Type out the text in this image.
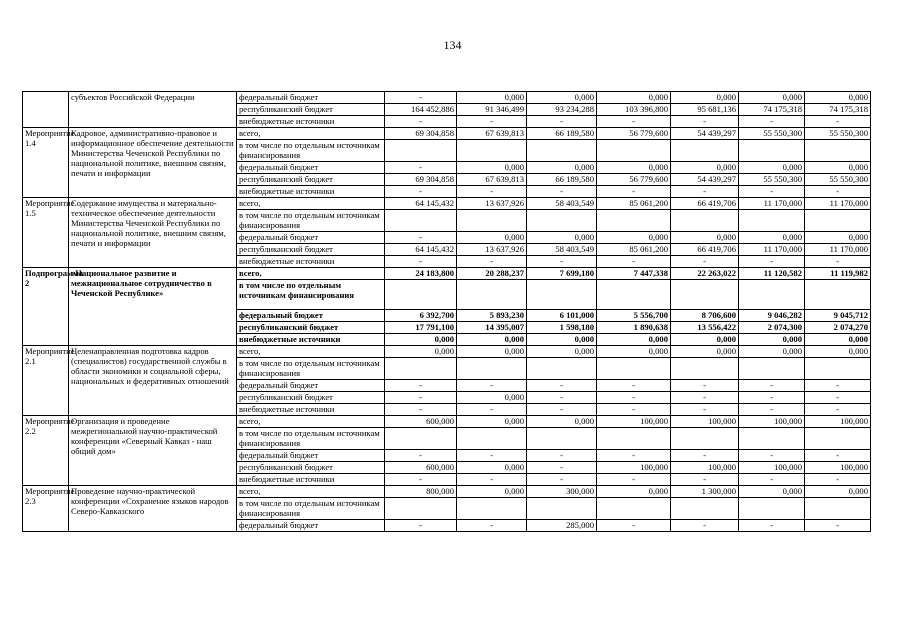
134
	субъектов Российской Федерации	федеральный бюджет	-	0,000	0,000	0,000	0,000	0,000	0,000
		республиканский бюджет	164 452,886	91 346,499	93 234,288	103 396,800	95 681,136	74 175,318	74 175,318
		внебюджетные источники	-	-	-	-	-	-	-
Мероприятие 1.4	Кадровое, административно-правовое и информационное обеспечение деятельности Министерства Чеченской Республики по национальной политике, внешним связям, печати и информации	всего,	69 304,858	67 639,813	66 189,580	56 779,600	54 439,297	55 550,300	55 550,300
		в том числе по отдельным источникам финансирования							
		федеральный бюджет	-	0,000	0,000	0,000	0,000	0,000	0,000
		республиканский бюджет	69 304,858	67 639,813	66 189,580	56 779,600	54 439,297	55 550,300	55 550,300
		внебюджетные источники	-	-	-	-	-	-	-
Мероприятие 1.5	Содержание имущества и материально-техническое обеспечение деятельности Министерства Чеченской Республики по национальной политике, внешним связям, печати и информации	всего,	64 145,432	13 637,926	58 403,549	85 061,200	66 419,706	11 170,000	11 170,000
		в том числе по отдельным источникам финансирования							
		федеральный бюджет	-	0,000	0,000	0,000	0,000	0,000	0,000
		республиканский бюджет	64 145,432	13 637,926	58 403,549	85 061,200	66 419,706	11 170,000	11 170,000
		внебюджетные источники	-	-	-	-	-	-	-
Подпрограмма 2	«Национальное развитие и межнациональное сотрудничество в Чеченской Республике»	всего,	24 183,800	20 288,237	7 699,180	7 447,338	22 263,022	11 120,582	11 119,982
		в том числе по отдельным источникам финансирования							
		федеральный бюджет	6 392,700	5 893,230	6 101,000	5 556,700	8 706,600	9 046,282	9 045,712
		республиканский бюджет	17 791,100	14 395,007	1 598,180	1 890,638	13 556,422	2 074,300	2 074,270
		внебюджетные источники	0,000	0,000	0,000	0,000	0,000	0,000	0,000
Мероприятие 2.1	Целенаправленная подготовка кадров (специалистов) государственной службы в области экономики и социальной сферы, национальных и федеративных отношений	всего,	0,000	0,000	0,000	0,000	0,000	0,000	0,000
		в том числе по отдельным источникам финансирования							
		федеральный бюджет	-	-	-	-	-	-	-
		республиканский бюджет	-	0,000	-	-	-	-	-
		внебюджетные источники	-	-	-	-	-	-	-
Мероприятие 2.2	Организация и проведение межрегиональной научно-практической конференции «Северный Кавказ - наш общий дом»	всего,	600,000	0,000	0,000	100,000	100,000	100,000	100,000
		в том числе по отдельным источникам финансирования							
		федеральный бюджет	-	-	-	-	-	-	-
		республиканский бюджет	600,000	0,000	-	100,000	100,000	100,000	100,000
		внебюджетные источники	-	-	-	-	-	-	-
Мероприятие 2.3	Проведение научно-практической конференции «Сохранение языков народов Северо-Кавказского	всего,	800,000	0,000	300,000	0,000	1 300,000	0,000	0,000
		в том числе по отдельным источникам финансирования							
		федеральный бюджет	-	-	285,000	-	-	-	-
